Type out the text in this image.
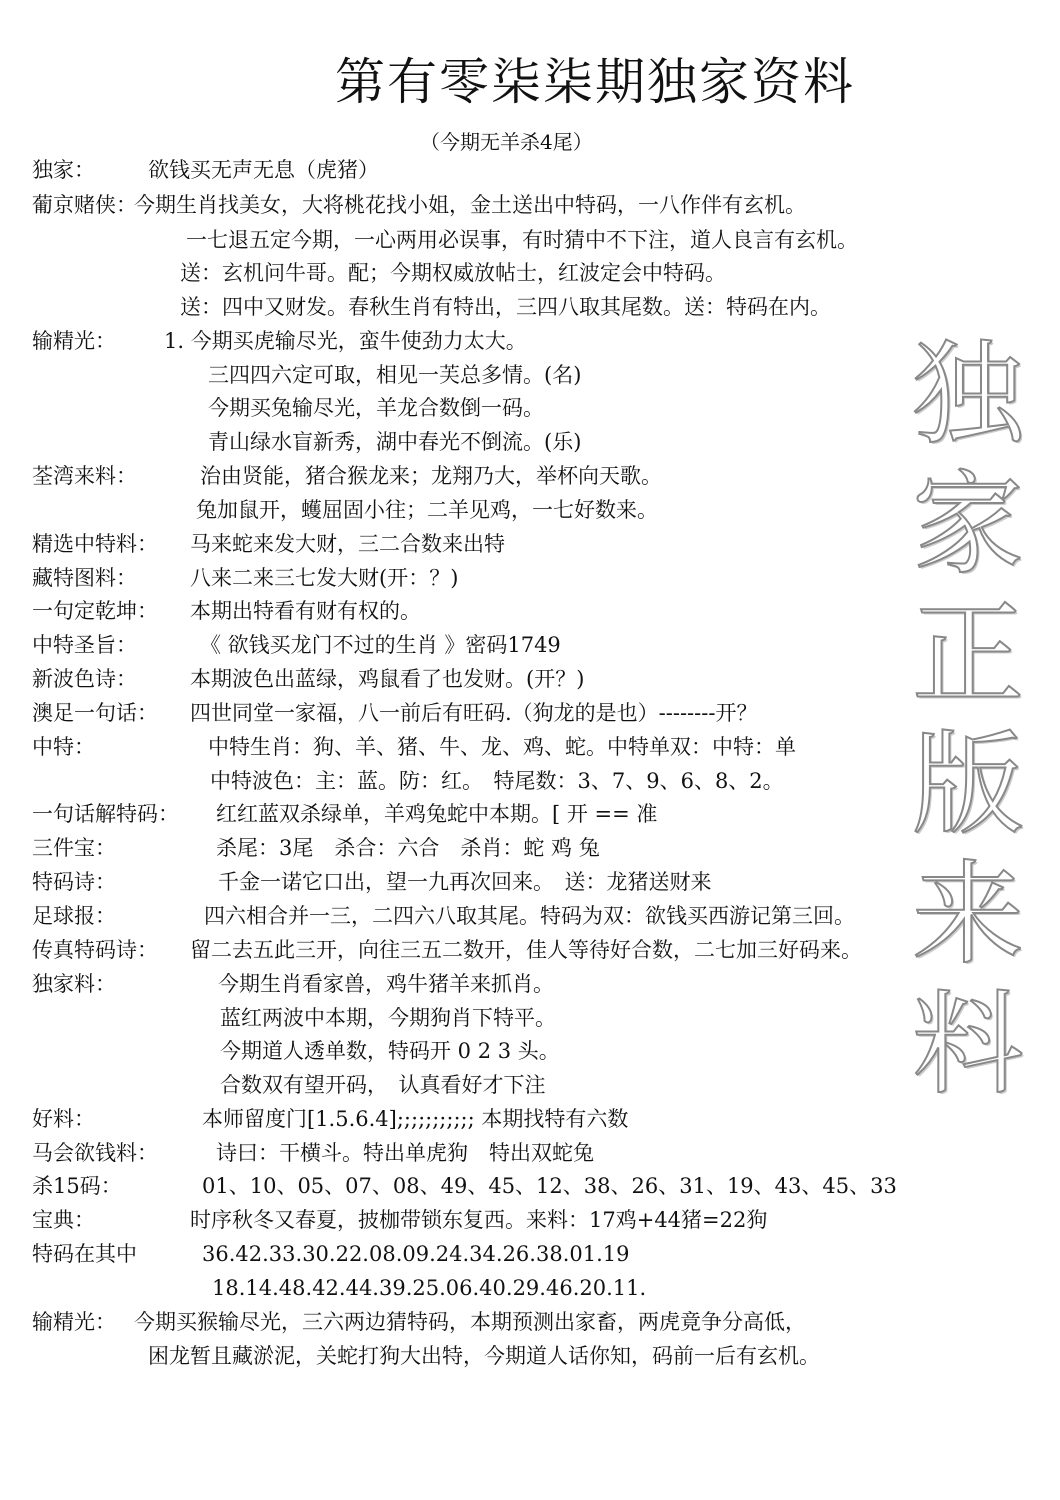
第有零柒柒期独家资料
（今期无羊杀4尾）
独家：	欲钱买无声无息（虎猪）
葡京赌侠：
今期生肖找美女，大将桃花找小姐，金土送出中特码，一八作伴有玄机。
一七退五定今期，一心两用必误事，有时猜中不下注，道人良言有玄机。
送：玄机问牛哥。配；今期权威放帖士，红波定会中特码。
送：四中又财发。春秋生肖有特出，三四八取其尾数。送：特码在内。
输精光： 1. 今期买虎输尽光，蛮牛使劲力太大。
三四四六定可取，相见一芙总多情。(名)
今期买兔输尽光，羊龙合数倒一码。
青山绿水盲新秀，湖中春光不倒流。(乐)
荃湾来料：	治由贤能，猪合猴龙来；龙翔乃大，举杯向天歌。
兔加鼠开，蠖屈固小往；二羊见鸡，一七好数来。
精选中特料： 马来蛇来发大财，三二合数来出特
藏特图料：	八来二来三七发大财(开：？)
一句定乾坤： 本期出特看有财有权的。
中特圣旨：	《 欲钱买龙门不过的生肖 》密码1749
新波色诗：	本期波色出蓝绿，鸡鼠看了也发财。(开？)
澳足一句话： 四世同堂一家福，八一前后有旺码.（狗龙的是也）--------开？
中特：	中特生肖：狗、羊、猪、牛、龙、鸡、蛇。中特单双：中特：单
中特波色：主：蓝。防：红。　特尾数：3、7、9、6、8、2。
一句话解特码： 红红蓝双杀绿单，羊鸡兔蛇中本期。[ 开 == 准
三件宝：	杀尾：3尾　杀合：六合　杀肖：蛇 鸡 兔
特码诗：	千金一诺它口出，望一九再次回来。　送：龙猪送财来
足球报：	四六相合并一三，二四六八取其尾。特码为双：欲钱买西游记第三回。
传真特码诗： 留二去五此三开，向往三五二数开，佳人等待好合数，二七加三好码来。
独家料：	今期生肖看家兽，鸡牛猪羊来抓肖。
蓝红两波中本期，今期狗肖下特平。
今期道人透单数，特码开 0 2 3 头。
合数双有望开码，　认真看好才下注
好料：	本师留度门[1.5.6.4];;;;;;;;;;; 本期找特有六数
马会欲钱料：	诗曰：干横斗。特出单虎狗　特出双蛇兔
杀15码：	01、10、05、07、08、49、45、12、38、26、31、19、43、45、33
宝典：	时序秋冬又春夏，披枷带锁东复西。来料：17鸡+44猪=22狗
特码在其中	36.42.33.30.22.08.09.24.34.26.38.01.19
18.14.48.42.44.39.25.06.40.29.46.20.11.
输精光： 今期买猴输尽光，三六两边猜特码，本期预测出家畜，两虎竟争分高低，
困龙暂且藏淤泥，关蛇打狗大出特，今期道人话你知，码前一后有玄机。
独
家
正
版
来
料
